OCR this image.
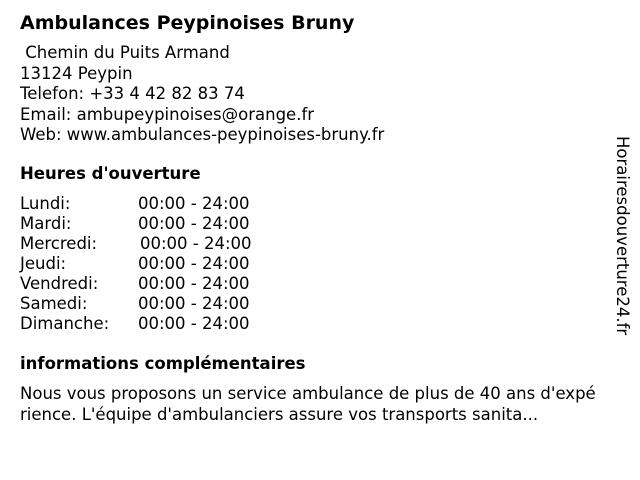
Ambulances Peypinoises Bruny
Chemin du Puits Armand
13124 Peypin
Telefon: +33 4 42 82 83 74
Email: ambupeypinoises@orange.fr
Web: www.ambulances-peypinoises-bruny.fr
Heures d'ouverture
Lundi:	00:00 - 24:00
Mardi:	00:00 - 24:00
Mercredi:	00:00 - 24:00
Jeudi:	00:00 - 24:00
Vendredi: 00:00 - 24:00
Samedi:	00:00 - 24:00
Dimanche: 00:00 - 24:00
informations complémentaires
Nous vous proposons un service ambulance de plus de 40 ans d'expé
rience. L'équipe d'ambulanciers assure vos transports sanita...
Horairesdouverture24.fr
